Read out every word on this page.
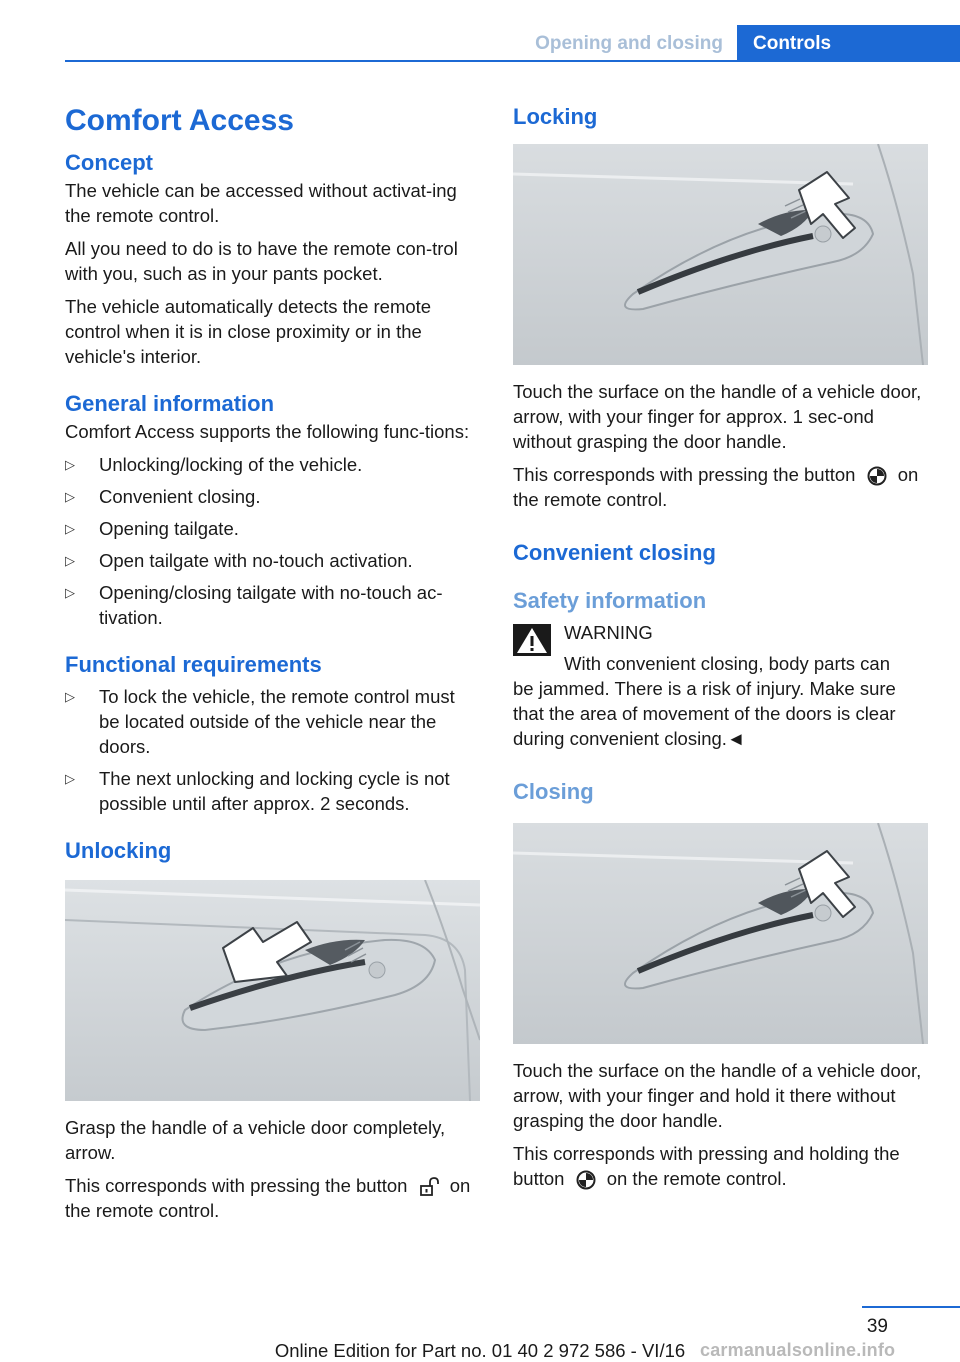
Opening and closing	Controls
Comfort Access
Concept

The vehicle can be accessed without activat-ing the remote control.

All you need to do is to have the remote con-trol with you, such as in your pants pocket.

The vehicle automatically detects the remote control when it is in close proximity or in the vehicle's interior.

General information

Comfort Access supports the following func-tions:

▷ Unlocking/locking of the vehicle.
▷ Convenient closing.
▷ Opening tailgate.
▷ Open tailgate with no-touch activation.
▷ Opening/closing tailgate with no-touch ac-tivation.
Functional requirements
▷ To lock the vehicle, the remote control must be located outside of the vehicle near the doors.
▷ The next unlocking and locking cycle is not possible until after approx. 2 seconds.
Unlocking

Grasp the handle of a vehicle door completely, arrow.

This corresponds with pressing the button on the remote control.

Locking

Touch the surface on the handle of a vehicle door, arrow, with your finger for approx. 1 sec-ond without grasping the door handle.

This corresponds with pressing the button on the remote control.

Convenient closing
Safety information

WARNING

With convenient closing, body parts can

be jammed. There is a risk of injury. Make sure that the area of movement of the doors is clear during convenient closing.◄

Closing

Touch the surface on the handle of a vehicle door, arrow, with your finger and hold it there without grasping the door handle.

This corresponds with pressing and holding the button on the remote control.

39
Online Edition for Part no. 01 40 2 972 586 - VI/16 carmanualsonline.info
